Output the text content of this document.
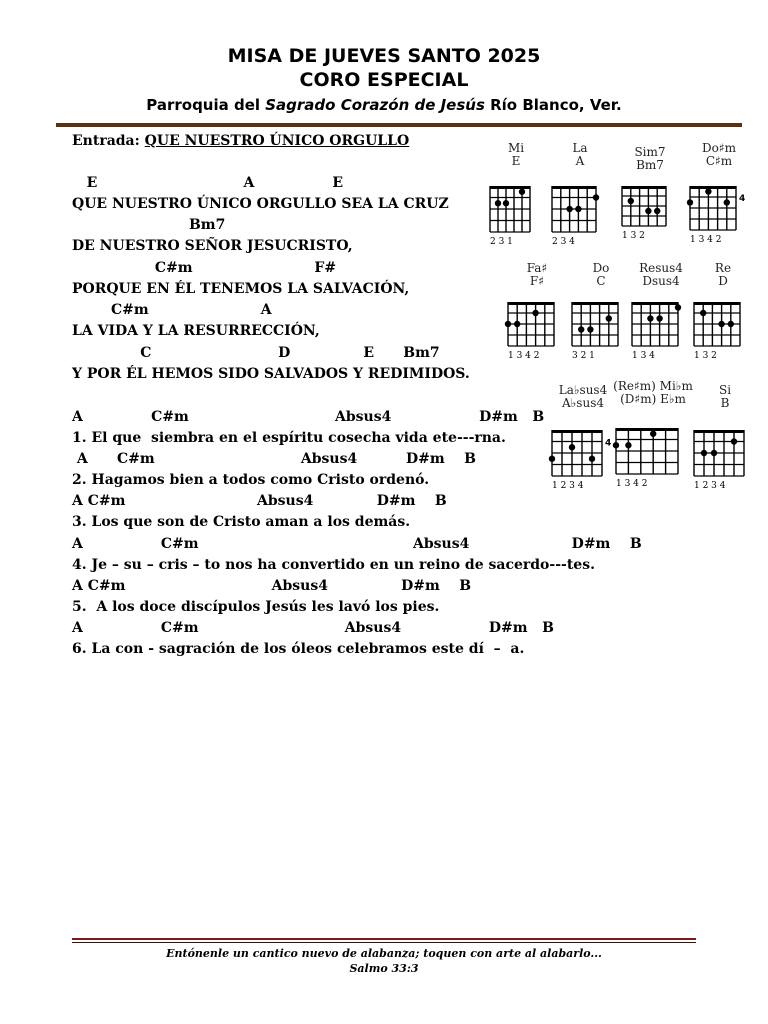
MISA DE JUEVES SANTO 2025
CORO ESPECIAL
Parroquia del Sagrado Corazón de Jesús Río Blanco, Ver.
Entrada: QUE NUESTRO ÚNICO ORGULLO
E                              A                E
QUE NUESTRO ÚNICO ORGULLO SEA LA CRUZ
Bm7
DE NUESTRO SEÑOR JESUCRISTO,
C#m                         F#
PORQUE EN ÉL TENEMOS LA SALVACIÓN,
C#m                       A
LA VIDA Y LA RESURRECCIÓN,
C                          D               E      Bm7
Y POR ÉL HEMOS SIDO SALVADOS Y REDIMIDOS.
A              C#m                              Absus4                  D#m   B
1. El que  siembra en el espíritu cosecha vida ete---rna.
A      C#m                              Absus4          D#m    B
2. Hagamos bien a todos como Cristo ordenó.
A C#m                           Absus4             D#m    B
3. Los que son de Cristo aman a los demás.
A                C#m                                            Absus4                     D#m    B
4. Je – su – cris – to nos ha convertido en un reino de sacerdo---tes.
A C#m                              Absus4               D#m    B
5.  A los doce discípulos Jesús les lavó los pies.
A                C#m                              Absus4                  D#m   B
6. La con - sagración de los óleos celebramos este dí  –  a.
Mi
E
2 3 1
La
A
2 3 4
Sim7
Bm7
1 3 2
Do♯m
C♯m
1 3 4 2
4
Fa♯
F♯
1 3 4 2
Do
C
3 2 1
Resus4
Dsus4
1 3 4
Re
D
1 3 2
La♭sus4
A♭sus4
1 2 3 4
4
(Re♯m) Mi♭m
(D♯m) E♭m
1 3 4 2
Si
B
1 2 3 4
Entónenle un cantico nuevo de alabanza; toquen con arte al alabarlo...
Salmo 33:3
